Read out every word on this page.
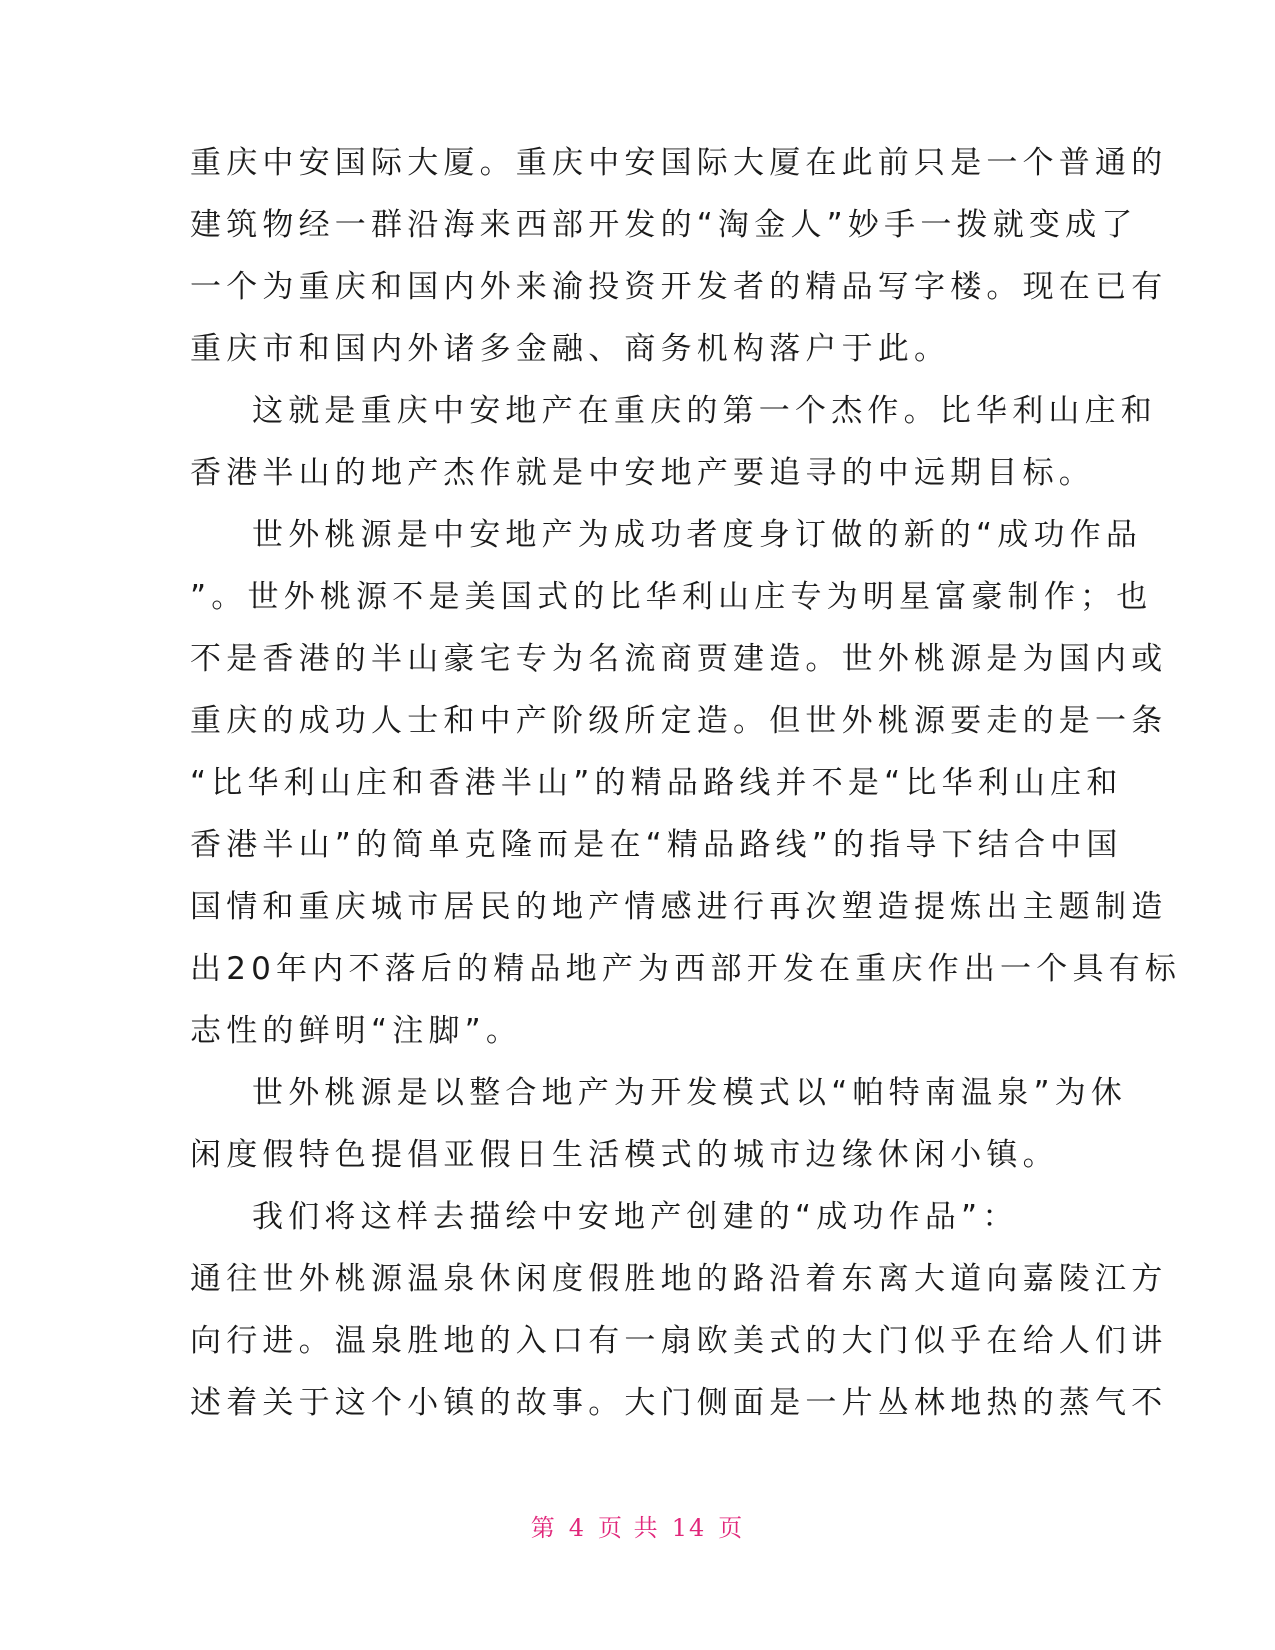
重庆中安国际大厦。重庆中安国际大厦在此前只是一个普通的
建筑物经一群沿海来西部开发的“淘金人”妙手一拨就变成了
一个为重庆和国内外来渝投资开发者的精品写字楼。现在已有
重庆市和国内外诸多金融、商务机构落户于此。
这就是重庆中安地产在重庆的第一个杰作。比华利山庄和
香港半山的地产杰作就是中安地产要追寻的中远期目标。
世外桃源是中安地产为成功者度身订做的新的“成功作品
”。世外桃源不是美国式的比华利山庄专为明星富豪制作；也
不是香港的半山豪宅专为名流商贾建造。世外桃源是为国内或
重庆的成功人士和中产阶级所定造。但世外桃源要走的是一条
“比华利山庄和香港半山”的精品路线并不是“比华利山庄和
香港半山”的简单克隆而是在“精品路线”的指导下结合中国
国情和重庆城市居民的地产情感进行再次塑造提炼出主题制造
出20年内不落后的精品地产为西部开发在重庆作出一个具有标
志性的鲜明“注脚”。
世外桃源是以整合地产为开发模式以“帕特南温泉”为休
闲度假特色提倡亚假日生活模式的城市边缘休闲小镇。
我们将这样去描绘中安地产创建的“成功作品”：
通往世外桃源温泉休闲度假胜地的路沿着东离大道向嘉陵江方
向行进。温泉胜地的入口有一扇欧美式的大门似乎在给人们讲
述着关于这个小镇的故事。大门侧面是一片丛林地热的蒸气不
第 4 页 共 14 页
